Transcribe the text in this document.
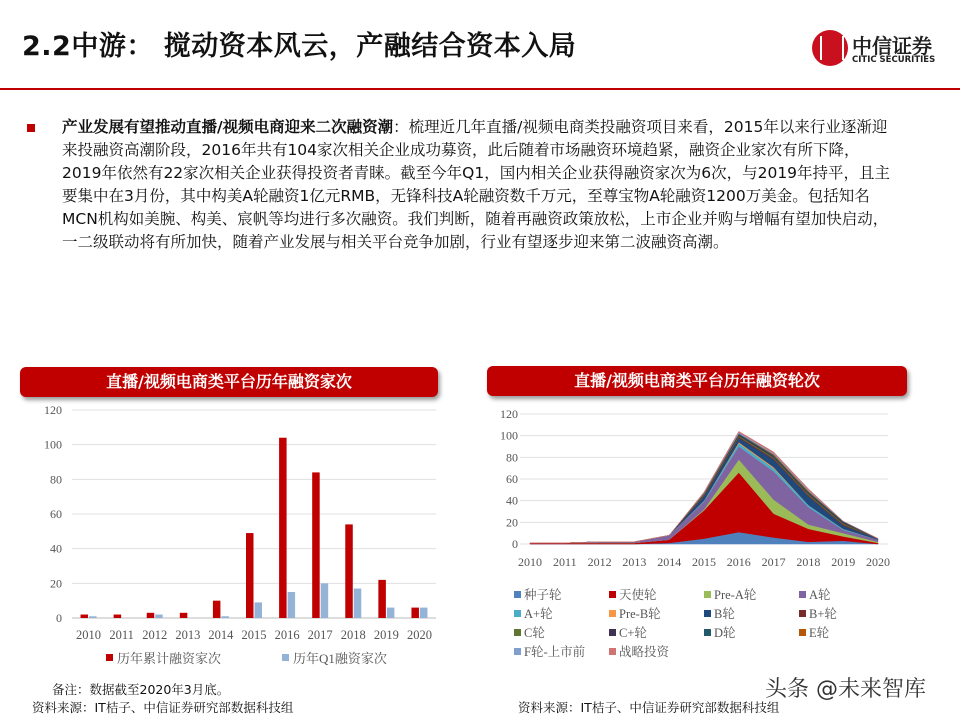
2.2中游： 搅动资本风云，产融结合资本入局	中信证券
CITIC SECURITIES
产业发展有望推动直播/视频电商迎来二次融资潮：梳理近几年直播/视频电商类投融资项目来看，2015年以来行业逐渐迎来投融资高潮阶段，2016年共有104家次相关企业成功募资，此后随着市场融资环境趋紧，融资企业家次有所下降，2019年依然有22家次相关企业获得投资者青睐。截至今年Q1，国内相关企业获得融资家次为6次，与2019年持平，且主要集中在3月份，其中构美A轮融资1亿元RMB，无锋科技A轮融资数千万元，至尊宝物A轮融资1200万美金。包括知名MCN机构如美腕、构美、宸帆等均进行多次融资。我们判断，随着再融资政策放松，上市企业并购与增幅有望加快启动，一二级联动将有所加快，随着产业发展与相关平台竞争加剧，行业有望逐步迎来第二波融资高潮。
直播/视频电商类平台历年融资家次	直播/视频电商类平台历年融资轮次
0
20
40
60
80
100
120
2010 2011 2012 2013 2014 2015 2016 2017 2018 2019 2020
历年累计融资家次	历年Q1融资家次
0
20
40
60
80
100
120
2010 2011 2012 2013 2014 2015 2016 2017 2018 2019 2020
种子轮	天使轮	Pre-A轮	A轮
A+轮	Pre-B轮	B轮	B+轮
C轮	C+轮	D轮	E轮
F轮-上市前	战略投资
备注：数据截至2020年3月底。
资料来源：IT桔子、中信证券研究部数据科技组	资料来源：IT桔子、中信证券研究部数据科技组
头条 @未来智库
